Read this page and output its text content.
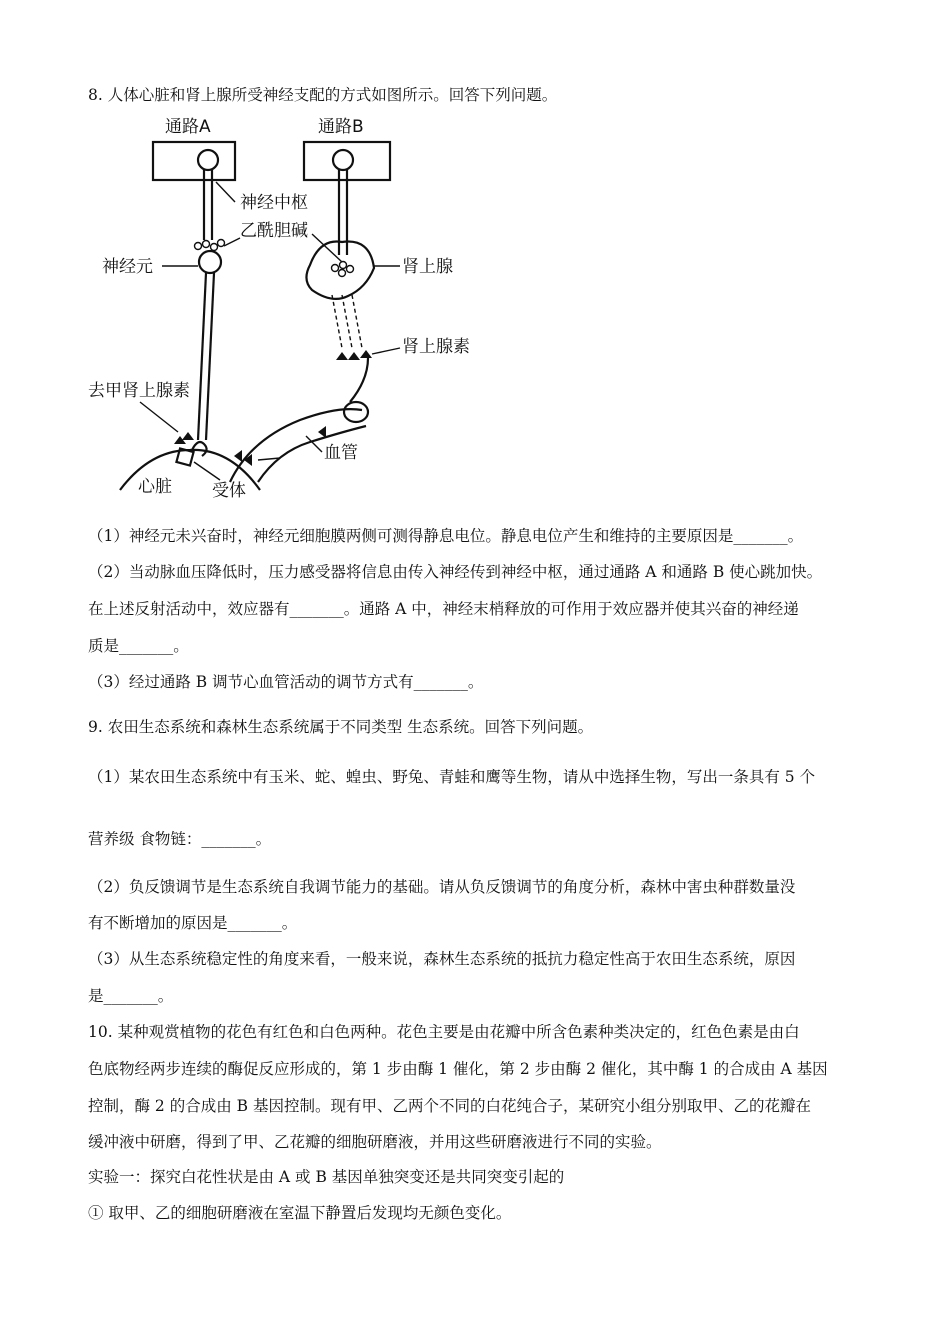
8. 人体心脏和肾上腺所受神经支配的方式如图所示。回答下列问题。
通路A	通路B
神经中枢
乙酰胆碱
神经元	肾上腺
肾上腺素
去甲肾上腺素
血管
心脏 受体
（1）神经元未兴奋时，神经元细胞膜两侧可测得静息电位。静息电位产生和维持的主要原因是_______。
（2）当动脉血压降低时，压力感受器将信息由传入神经传到神经中枢，通过通路 A 和通路 B 使心跳加快。
在上述反射活动中，效应器有_______。通路 A 中，神经末梢释放的可作用于效应器并使其兴奋的神经递
质是_______。
（3）经过通路 B 调节心血管活动的调节方式有_______。
9. 农田生态系统和森林生态系统属于不同类型 生态系统。回答下列问题。
（1）某农田生态系统中有玉米、蛇、蝗虫、野兔、青蛙和鹰等生物，请从中选择生物，写出一条具有 5 个
营养级 食物链：_______。
（2）负反馈调节是生态系统自我调节能力的基础。请从负反馈调节的角度分析，森林中害虫种群数量没
有不断增加的原因是_______。
（3）从生态系统稳定性的角度来看，一般来说，森林生态系统的抵抗力稳定性高于农田生态系统，原因
是_______。
10. 某种观赏植物的花色有红色和白色两种。花色主要是由花瓣中所含色素种类决定的，红色色素是由白
色底物经两步连续的酶促反应形成的，第 1 步由酶 1 催化，第 2 步由酶 2 催化，其中酶 1 的合成由 A 基因
控制，酶 2 的合成由 B 基因控制。现有甲、乙两个不同的白花纯合子，某研究小组分别取甲、乙的花瓣在
缓冲液中研磨，得到了甲、乙花瓣的细胞研磨液，并用这些研磨液进行不同的实验。
实验一：探究白花性状是由 A 或 B 基因单独突变还是共同突变引起的
① 取甲、乙的细胞研磨液在室温下静置后发现均无颜色变化。
